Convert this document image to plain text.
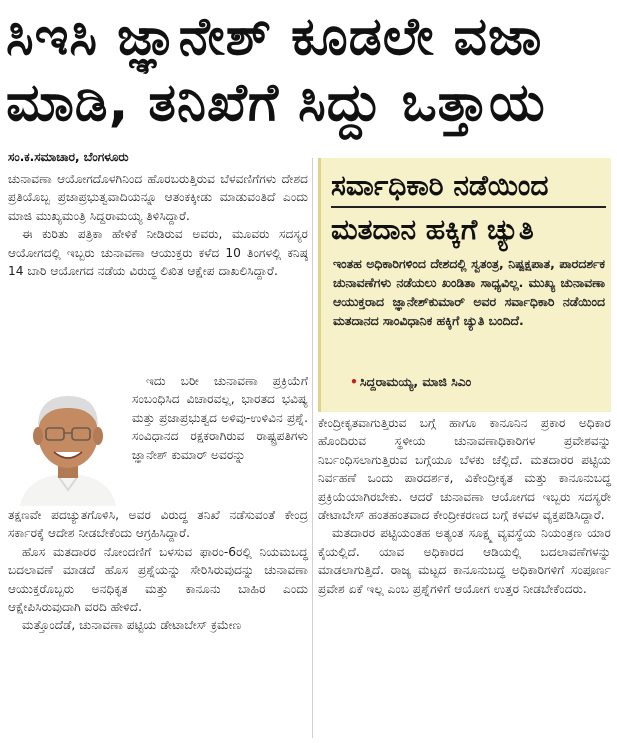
ಸಿಇಸಿ ಜ್ಞಾನೇಶ್ ಕೂಡಲೇ ವಜಾ
ಮಾಡಿ, ತನಿಖೆಗೆ ಸಿದ್ದು ಒತ್ತಾಯ
ಸಂ.ಕ.ಸಮಾಚಾರ, ಬೆಂಗಳೂರು

ಚುನಾವಣಾ ಆಯೋಗದೊಳಗಿನಿಂದ ಹೊರಬರುತ್ತಿರುವ ಬೆಳವಣಿಗೆಗಳು ದೇಶದ ಪ್ರತಿಯೊಬ್ಬ ಪ್ರಜಾಪ್ರಭುತ್ವವಾದಿಯನ್ನೂ ಆತಂಕಕ್ಕೀಡು ಮಾಡುವಂತಿದೆ ಎಂದು ಮಾಜಿ ಮುಖ್ಯಮಂತ್ರಿ ಸಿದ್ದರಾಮಯ್ಯ ತಿಳಿಸಿದ್ದಾರೆ.

ಈ ಕುರಿತು ಪತ್ರಿಕಾ ಹೇಳಿಕೆ ನೀಡಿರುವ ಅವರು, ಮೂವರು ಸದಸ್ಯರ ಆಯೋಗದಲ್ಲಿ ಇಬ್ಬರು ಚುನಾವಣಾ ಆಯುಕ್ತರು ಕಳೆದ 10 ತಿಂಗಳಲ್ಲಿ ಕನಿಷ್ಠ 14 ಬಾರಿ ಆಯೋಗದ ನಡೆಯ ವಿರುದ್ಧ ಲಿಖಿತ ಆಕ್ಷೇಪ ದಾಖಲಿಸಿದ್ದಾರೆ.

ಇದು ಬರೀ ಚುನಾವಣಾ ಪ್ರಕ್ರಿಯೆಗೆ ಸಂಬಂಧಿಸಿದ ವಿಚಾರವಲ್ಲ, ಭಾರತದ ಭವಿಷ್ಯ ಮತ್ತು ಪ್ರಜಾಪ್ರಭುತ್ವದ ಅಳಿವು-ಉಳಿವಿನ ಪ್ರಶ್ನೆ. ಸಂವಿಧಾನದ ರಕ್ಷಕರಾಗಿರುವ ರಾಷ್ಟ್ರಪತಿಗಳು ಜ್ಞಾನೇಶ್ ಕುಮಾರ್ ಅವರನ್ನು

ತಕ್ಷಣವೇ ಪದಚ್ಯುತಗೊಳಿಸಿ, ಅವರ ವಿರುದ್ಧ ತನಿಖೆ ನಡೆಸುವಂತೆ ಕೇಂದ್ರ ಸರ್ಕಾರಕ್ಕೆ ಆದೇಶ ನೀಡಬೇಕೆಂದು ಆಗ್ರಹಿಸಿದ್ದಾರೆ.

ಹೊಸ ಮತದಾರರ ನೋಂದಣಿಗೆ ಬಳಸುವ ಫಾರಂ-6ರಲ್ಲಿ ನಿಯಮಬದ್ಧ ಬದಲಾವಣೆ ಮಾಡದೆ ಹೊಸ ಪ್ರಶ್ನೆಯನ್ನು ಸೇರಿಸಿರುವುದನ್ನು ಚುನಾವಣಾ ಆಯುಕ್ತರೊಬ್ಬರು ಅನಧಿಕೃತ ಮತ್ತು ಕಾನೂನು ಬಾಹಿರ ಎಂದು ಆಕ್ಷೇಪಿಸಿರುವುದಾಗಿ ವರದಿ ಹೇಳಿದೆ.

ಮತ್ತೊಂದೆಡೆ, ಚುನಾವಣಾ ಪಟ್ಟಿಯ ಡೇಟಾಬೇಸ್ ಕ್ರಮೇಣ

ಸರ್ವಾಧಿಕಾರಿ ನಡೆಯಿಂದ
ಮತದಾನ ಹಕ್ಕಿಗೆ ಚ್ಯುತಿ
ಇಂತಹ ಅಧಿಕಾರಿಗಳಿಂದ ದೇಶದಲ್ಲಿ ಸ್ವತಂತ್ರ, ನಿಷ್ಪಕ್ಷಪಾತ, ಪಾರದರ್ಶಕ ಚುನಾವಣೆಗಳು ನಡೆಯಲು ಖಂಡಿತಾ ಸಾಧ್ಯವಿಲ್ಲ. ಮುಖ್ಯ ಚುನಾವಣಾ ಆಯುಕ್ತರಾದ ಜ್ಞಾನೇಶ್‌ಕುಮಾರ್ ಅವರ ಸರ್ವಾಧಿಕಾರಿ ನಡೆಯಿಂದ ಮತದಾನದ ಸಾಂವಿಧಾನಿಕ ಹಕ್ಕಿಗೆ ಚ್ಯುತಿ ಬಂದಿದೆ.
• ಸಿದ್ದರಾಮಯ್ಯ, ಮಾಜಿ ಸಿಎಂ

ಕೇಂದ್ರೀಕೃತವಾಗುತ್ತಿರುವ ಬಗ್ಗೆ ಹಾಗೂ ಕಾನೂನಿನ ಪ್ರಕಾರ ಅಧಿಕಾರ ಹೊಂದಿರುವ ಸ್ಥಳೀಯ ಚುನಾವಣಾಧಿಕಾರಿಗಳ ಪ್ರವೇಶವನ್ನು ನಿರ್ಬಂಧಿಸಲಾಗುತ್ತಿರುವ ಬಗ್ಗೆಯೂ ಬೆಳಕು ಚೆಲ್ಲಿದೆ. ಮತದಾರರ ಪಟ್ಟಿಯ ನಿರ್ವಹಣೆ ಒಂದು ಪಾರದರ್ಶಕ, ವಿಕೇಂದ್ರೀಕೃತ ಮತ್ತು ಕಾನೂನುಬದ್ಧ ಪ್ರಕ್ರಿಯೆಯಾಗಿರಬೇಕು. ಆದರೆ ಚುನಾವಣಾ ಆಯೋಗದ ಇಬ್ಬರು ಸದಸ್ಯರೇ ಡೇಟಾಬೇಸ್ ಹಂತಹಂತವಾದ ಕೇಂದ್ರೀಕರಣದ ಬಗ್ಗೆ ಕಳವಳ ವ್ಯಕ್ತಪಡಿಸಿದ್ದಾರೆ.

ಮತದಾರರ ಪಟ್ಟಿಯಂತಹ ಅತ್ಯಂತ ಸೂಕ್ಷ್ಮ ವ್ಯವಸ್ಥೆಯ ನಿಯಂತ್ರಣ ಯಾರ ಕೈಯಲ್ಲಿದೆ. ಯಾವ ಅಧಿಕಾರದ ಆಡಿಯಲ್ಲಿ ಬದಲಾವಣೆಗಳನ್ನು ಮಾಡಲಾಗುತ್ತಿದೆ. ರಾಜ್ಯ ಮಟ್ಟದ ಕಾನೂನುಬದ್ಧ ಅಧಿಕಾರಿಗಳಿಗೆ ಸಂಪೂರ್ಣ ಪ್ರವೇಶ ಏಕೆ ಇಲ್ಲ ಎಂಬ ಪ್ರಶ್ನೆಗಳಿಗೆ ಆಯೋಗ ಉತ್ತರ ನೀಡಬೇಕೆಂದರು.
